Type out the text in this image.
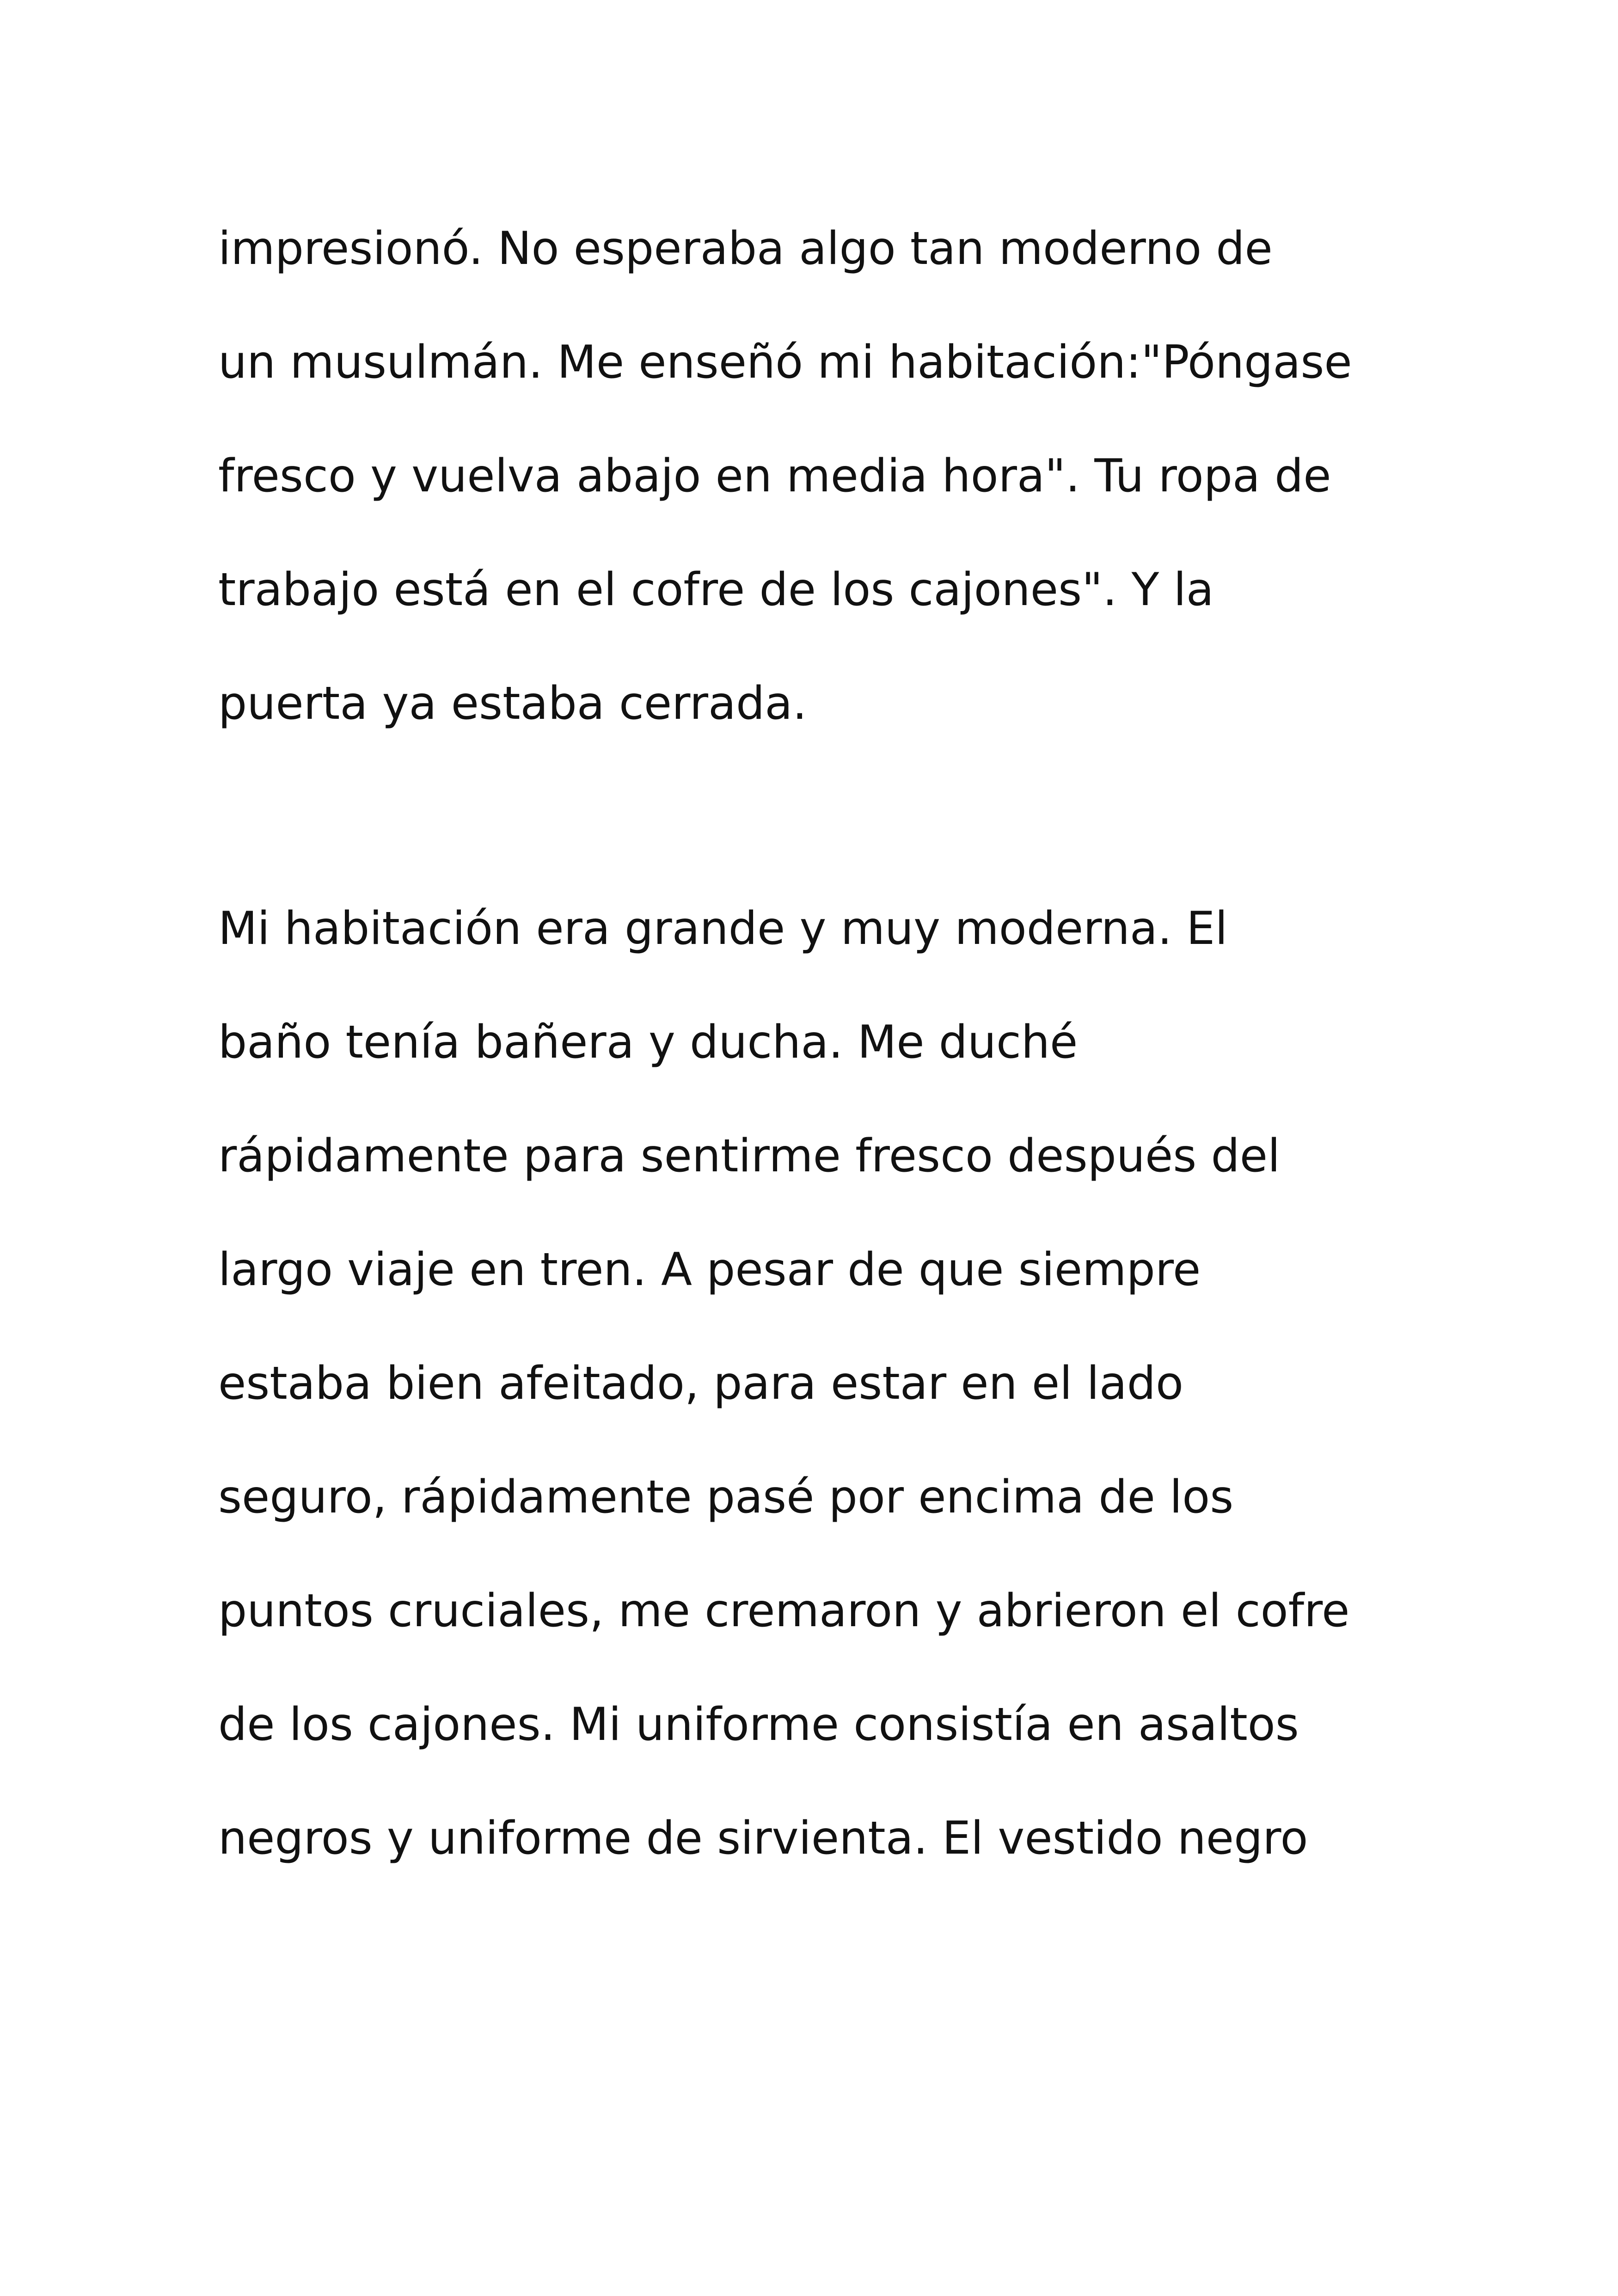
impresionó. No esperaba algo tan moderno de
un musulmán. Me enseñó mi habitación:"Póngase
fresco y vuelva abajo en media hora". Tu ropa de
trabajo está en el cofre de los cajones". Y la
puerta ya estaba cerrada.
Mi habitación era grande y muy moderna. El
baño tenía bañera y ducha. Me duché
rápidamente para sentirme fresco después del
largo viaje en tren. A pesar de que siempre
estaba bien afeitado, para estar en el lado
seguro, rápidamente pasé por encima de los
puntos cruciales, me cremaron y abrieron el cofre
de los cajones. Mi uniforme consistía en asaltos
negros y uniforme de sirvienta. El vestido negro
